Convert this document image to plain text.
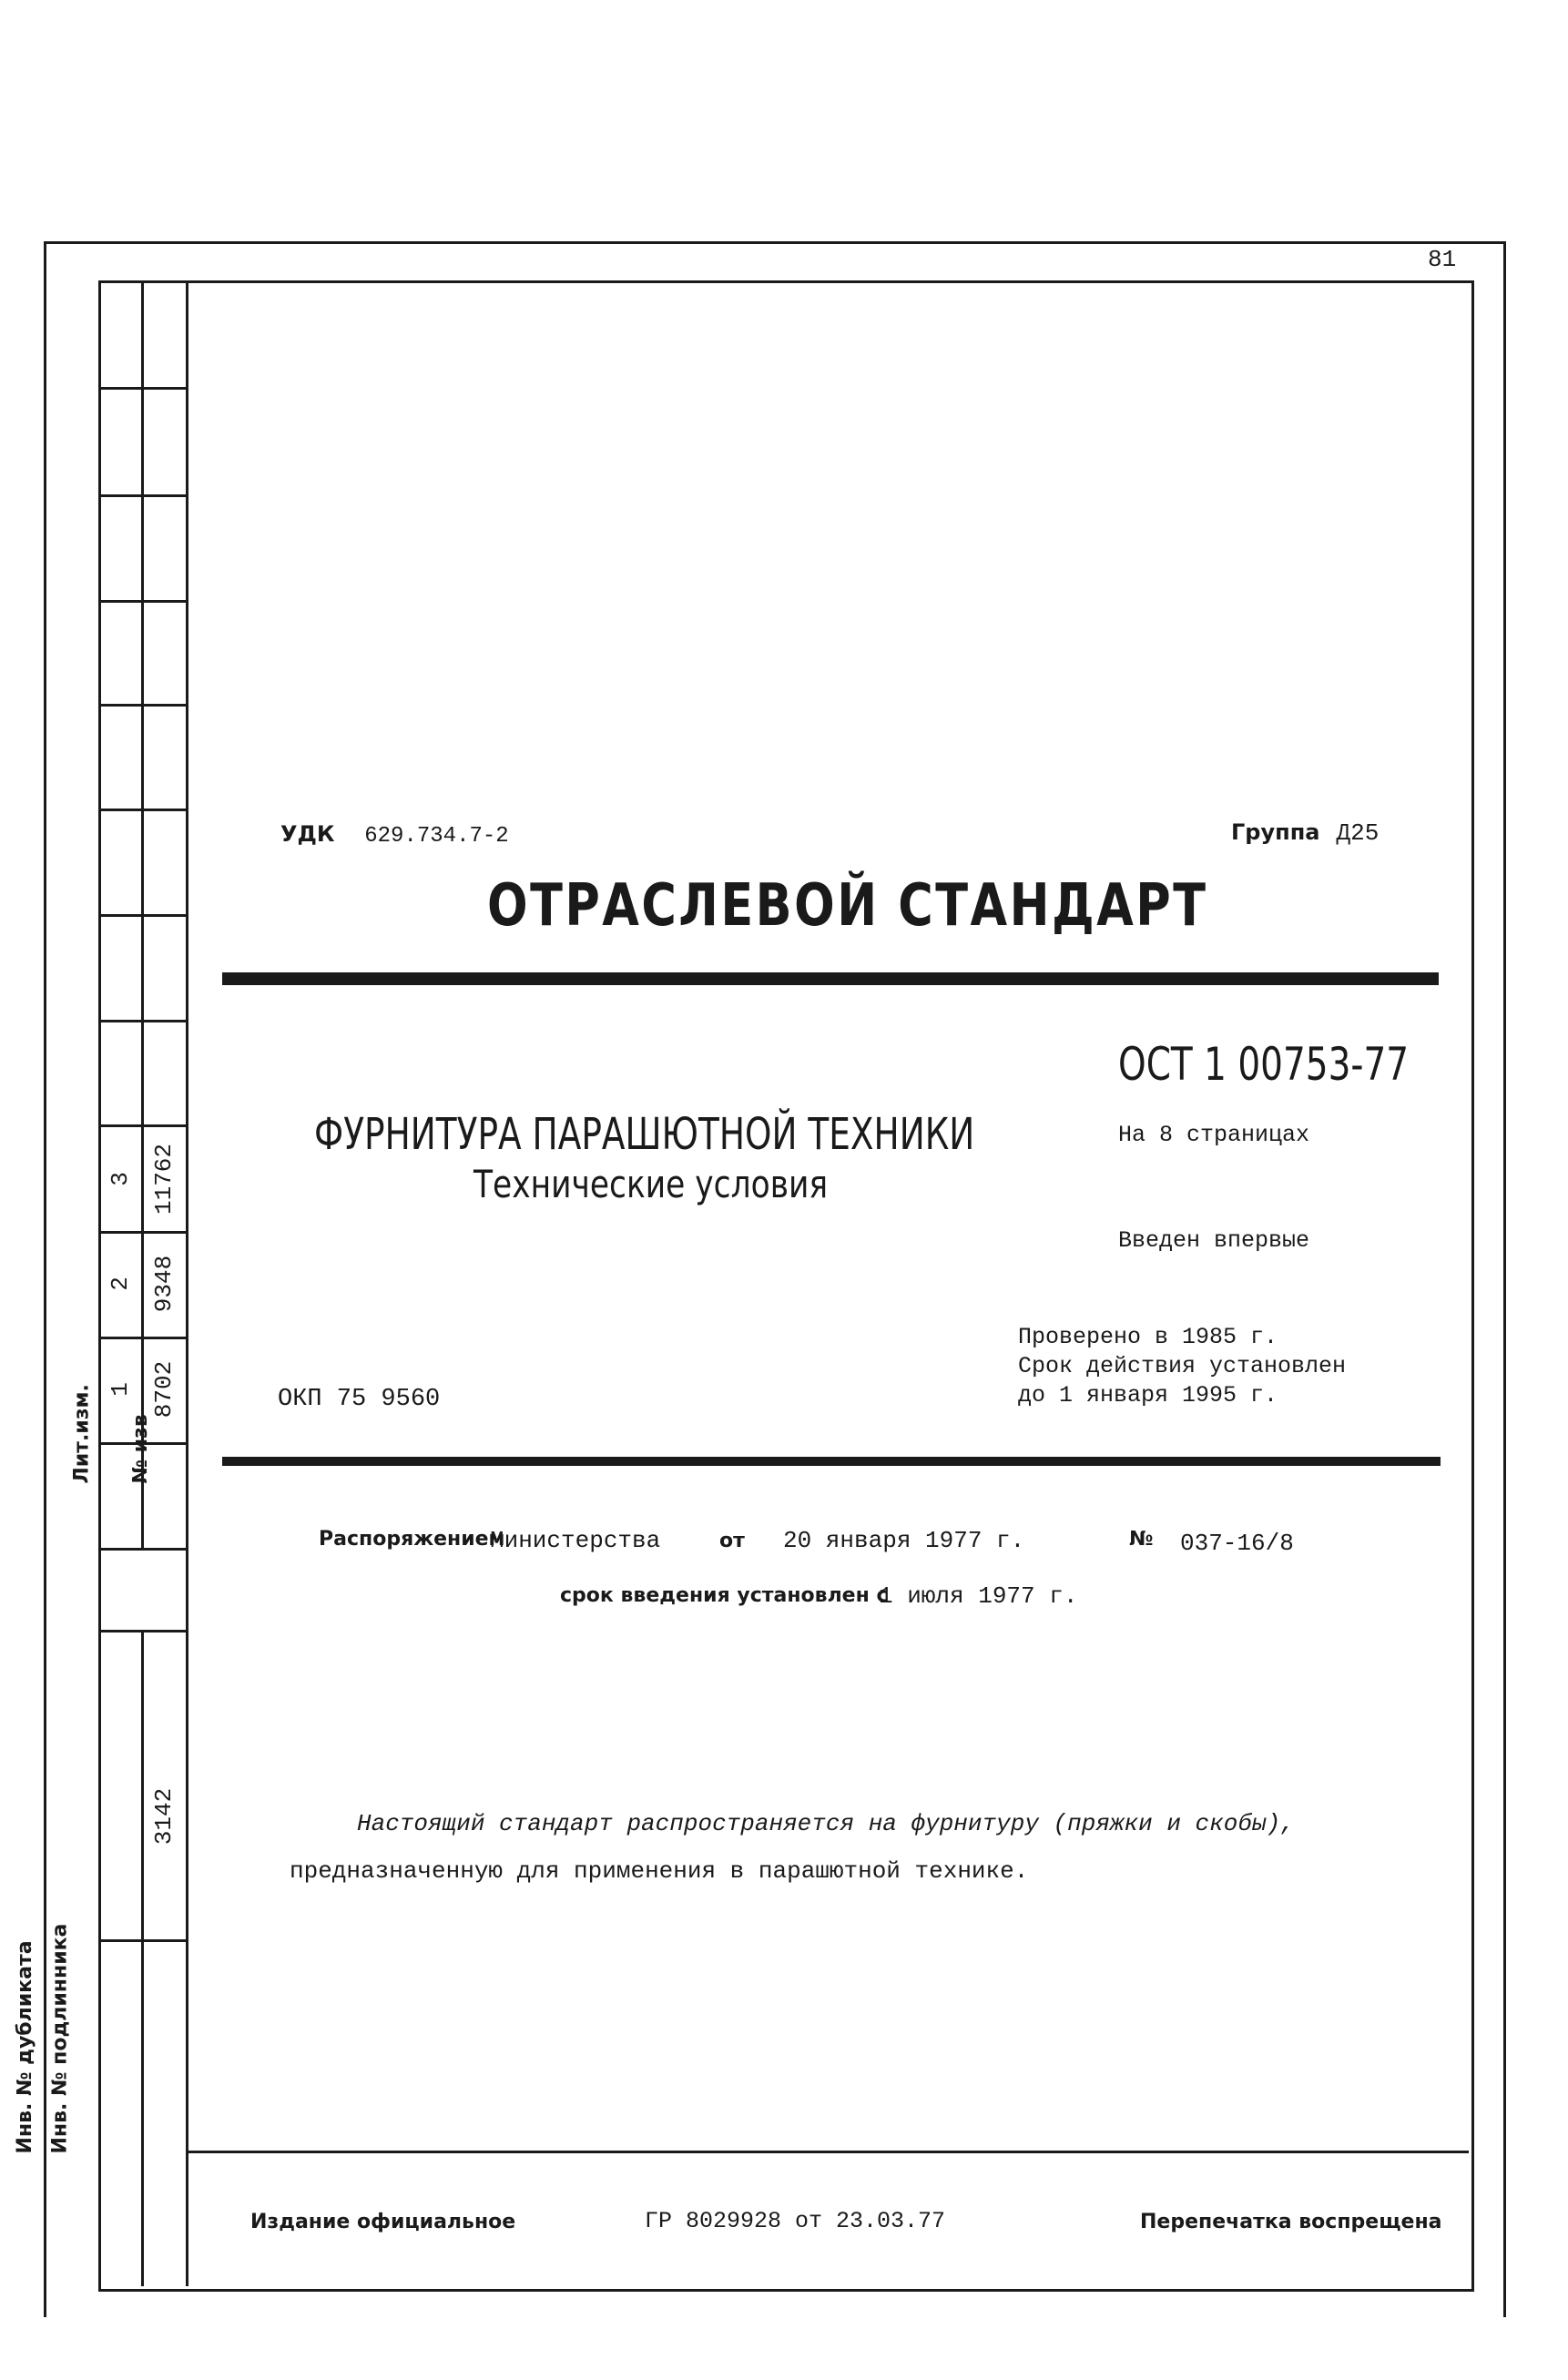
81
3 11762
2 9348
1 8702
Лит.изм. № изв
3142
Инв. № дубликата Инв. № подлинника
УДК 629.734.7-2	Группа Д25
ОТРАСЛЕВОЙ СТАНДАРТ
ОСТ 1 00753-77
ФУРНИТУРА ПАРАШЮТНОЙ ТЕХНИКИ
Технические условия
На 8 страницах
Введен впервые
Проверено в 1985 г.
Срок действия установлен
до 1 января 1995 г.
ОКП 75 9560
Распоряжением
Министерства	от 20 января 1977 г.	№ 037-16/8
срок введения установлен с
1 июля 1977 г.
Настоящий стандарт распространяется на фурнитуру (пряжки и скобы),
предназначенную для применения в парашютной технике.
Издание официальное	ГР 8029928 от 23.03.77	Перепечатка воспрещена
